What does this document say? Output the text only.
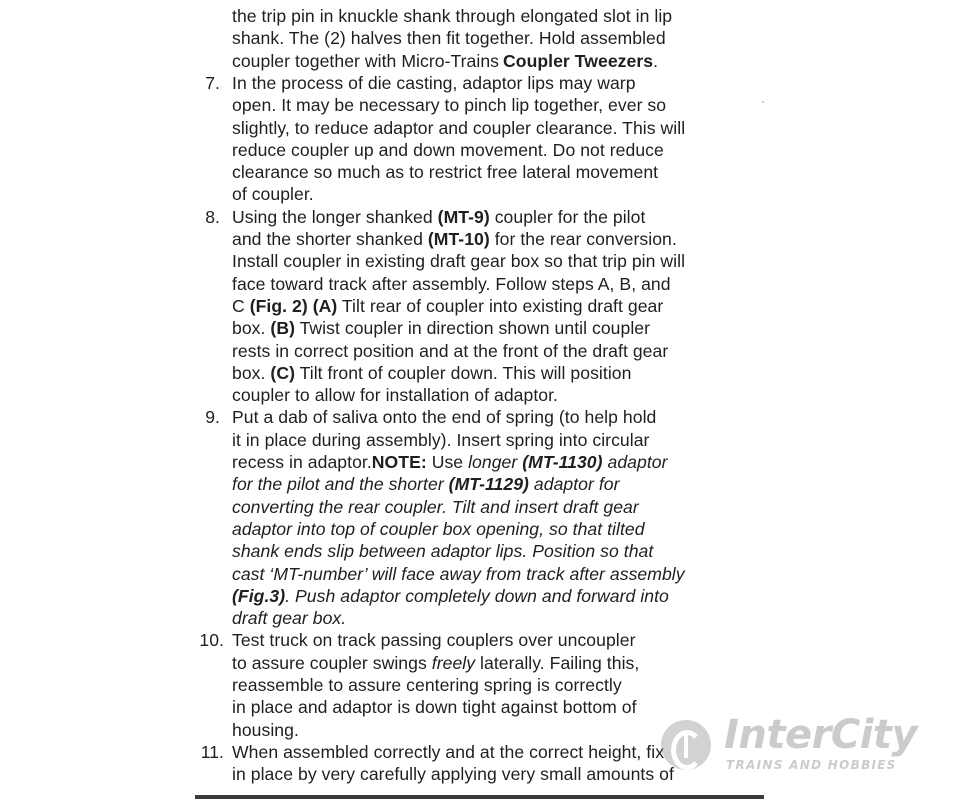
the trip pin in knuckle shank through elongated slot in lip
shank. The (2) halves then fit together. Hold assembled
coupler together with Micro-Trains Coupler Tweezers.
7. In the process of die casting, adaptor lips may warp
open. It may be necessary to pinch lip together, ever so
slightly, to reduce adaptor and coupler clearance. This will
reduce coupler up and down movement. Do not reduce
clearance so much as to restrict free lateral movement
of coupler.
8. Using the longer shanked (MT-9) coupler for the pilot
and the shorter shanked (MT-10) for the rear conversion.
Install coupler in existing draft gear box so that trip pin will
face toward track after assembly. Follow steps A, B, and
C (Fig. 2) (A) Tilt rear of coupler into existing draft gear
box. (B) Twist coupler in direction shown until coupler
rests in correct position and at the front of the draft gear
box. (C) Tilt front of coupler down. This will position
coupler to allow for installation of adaptor.
9. Put a dab of saliva onto the end of spring (to help hold
it in place during assembly). Insert spring into circular
recess in adaptor.NOTE: Use longer (MT-1130) adaptor
for the pilot and the shorter (MT-1129) adaptor for
converting the rear coupler. Tilt and insert draft gear
adaptor into top of coupler box opening, so that tilted
shank ends slip between adaptor lips. Position so that
cast ‘MT-number’ will face away from track after assembly
(Fig.3). Push adaptor completely down and forward into
draft gear box.
10. Test truck on track passing couplers over uncoupler
to assure coupler swings freely laterally. Failing this,
reassemble to assure centering spring is correctly
in place and adaptor is down tight against bottom of
housing.
11. When assembled correctly and at the correct height, fix
in place by very carefully applying very small amounts of
InterCity
TRAINS AND HOBBIES
